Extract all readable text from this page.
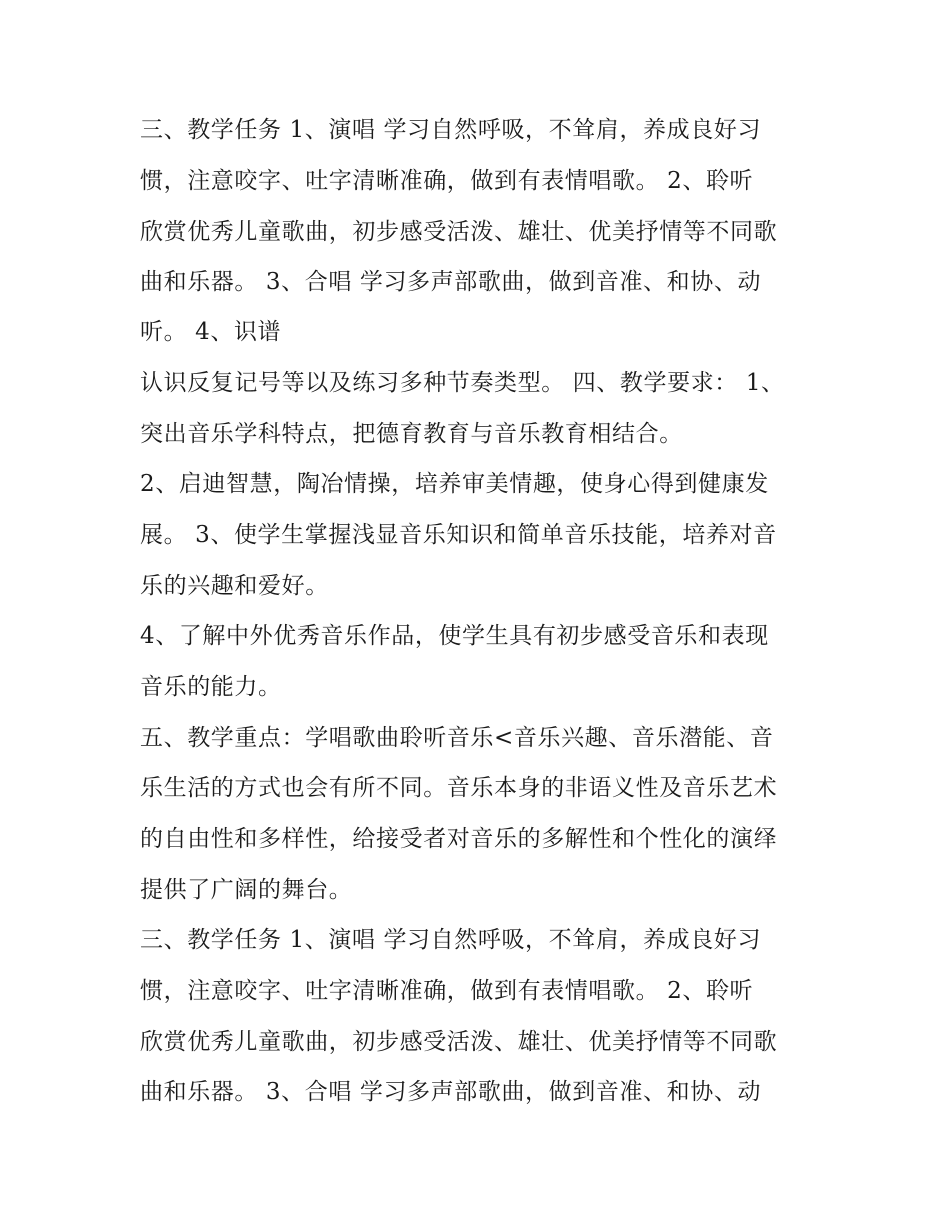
三、教学任务 1、演唱 学习自然呼吸，不耸肩，养成良好习
惯，注意咬字、吐字清晰准确，做到有表情唱歌。 2、聆听
欣赏优秀儿童歌曲，初步感受活泼、雄壮、优美抒情等不同歌
曲和乐器。 3、合唱 学习多声部歌曲，做到音准、和协、动
听。 4、识谱
认识反复记号等以及练习多种节奏类型。 四、教学要求： 1、
突出音乐学科特点，把德育教育与音乐教育相结合。
2、启迪智慧，陶冶情操，培养审美情趣，使身心得到健康发
展。 3、使学生掌握浅显音乐知识和简单音乐技能，培养对音
乐的兴趣和爱好。
4、了解中外优秀音乐作品，使学生具有初步感受音乐和表现
音乐的能力。
五、教学重点：学唱歌曲聆听音乐<音乐兴趣、音乐潜能、音
乐生活的方式也会有所不同。音乐本身的非语义性及音乐艺术
的自由性和多样性，给接受者对音乐的多解性和个性化的演绎
提供了广阔的舞台。
三、教学任务 1、演唱 学习自然呼吸，不耸肩，养成良好习
惯，注意咬字、吐字清晰准确，做到有表情唱歌。 2、聆听
欣赏优秀儿童歌曲，初步感受活泼、雄壮、优美抒情等不同歌
曲和乐器。 3、合唱 学习多声部歌曲，做到音准、和协、动
